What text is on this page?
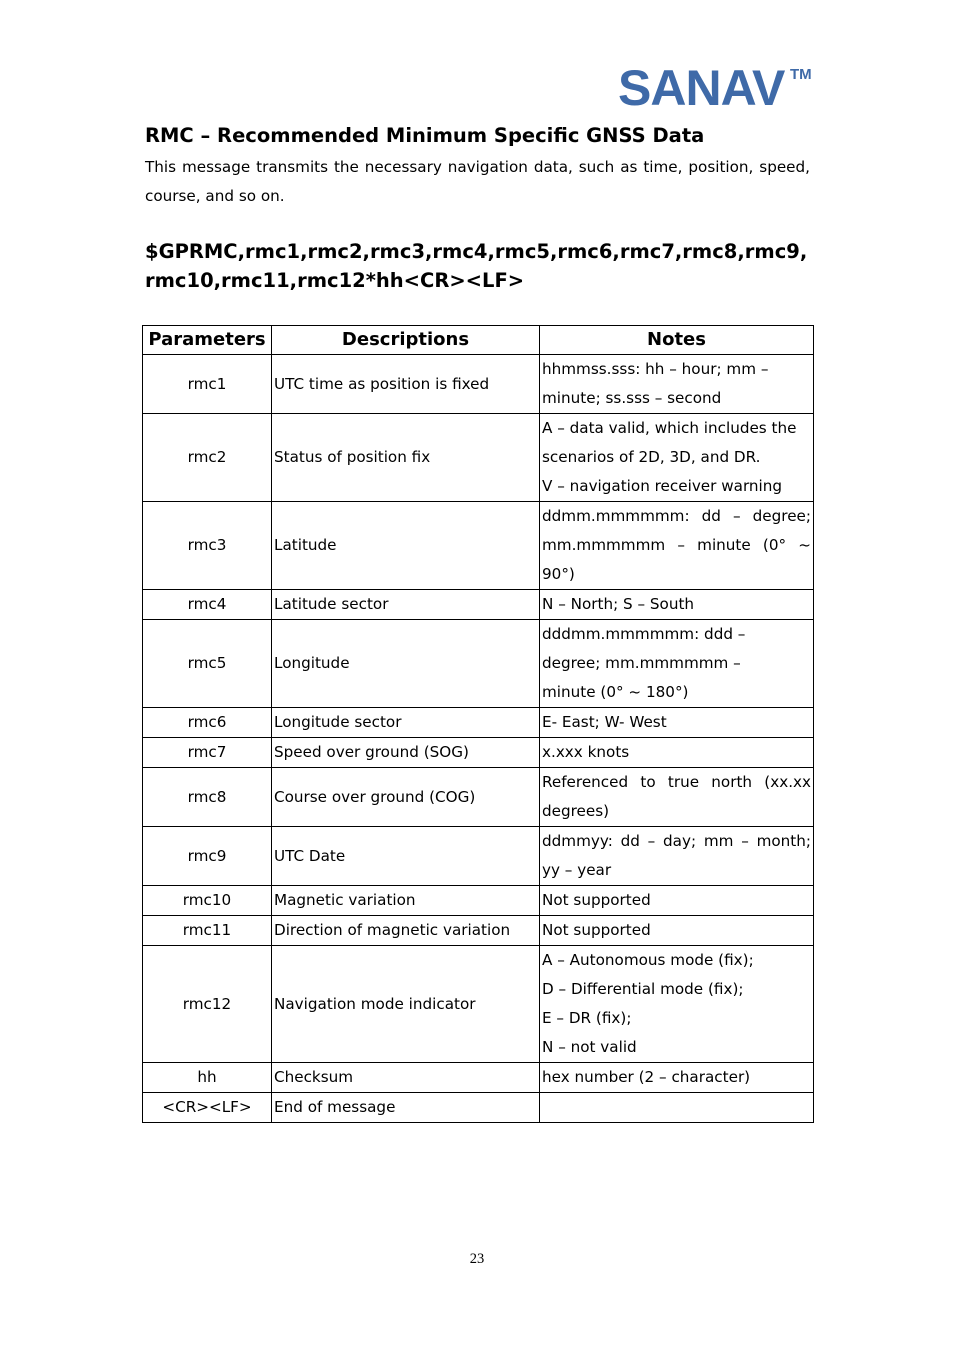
SANAV TM
RMC – Recommended Minimum Specific GNSS Data
This message transmits the necessary navigation data, such as time, position, speed, course, and so on.
$GPRMC,rmc1,rmc2,rmc3,rmc4,rmc5,rmc6,rmc7,rmc8,rmc9,rmc10,rmc11,rmc12*hh<CR><LF>
Parameters	Descriptions	Notes
rmc1	UTC time as position is fixed	hhmmss.sss: hh – hour; mm –
minute; ss.sss – second

rmc2	Status of position fix	A – data valid, which includes the
scenarios of 2D, 3D, and DR.
V – navigation receiver warning

rmc3	Latitude	ddmm.mmmmmm: dd – degree;
mm.mmmmmm – minute (0° ~
90°)

rmc4	Latitude sector	N – North; S – South

rmc5	Longitude	dddmm.mmmmmm: ddd –
degree; mm.mmmmmm –
minute (0° ~ 180°)

rmc6	Longitude sector	E- East; W- West

rmc7	Speed over ground (SOG)	x.xxx knots

rmc8	Course over ground (COG)	Referenced to true north (xx.xx
degrees)

rmc9	UTC Date	ddmmyy: dd – day; mm – month;
yy – year

rmc10	Magnetic variation	Not supported

rmc11	Direction of magnetic variation	Not supported

rmc12	Navigation mode indicator	A – Autonomous mode (fix);
D – Differential mode (fix);
E – DR (fix);
N – not valid

hh	Checksum	hex number (2 – character)

<CR><LF>	End of message	

23
